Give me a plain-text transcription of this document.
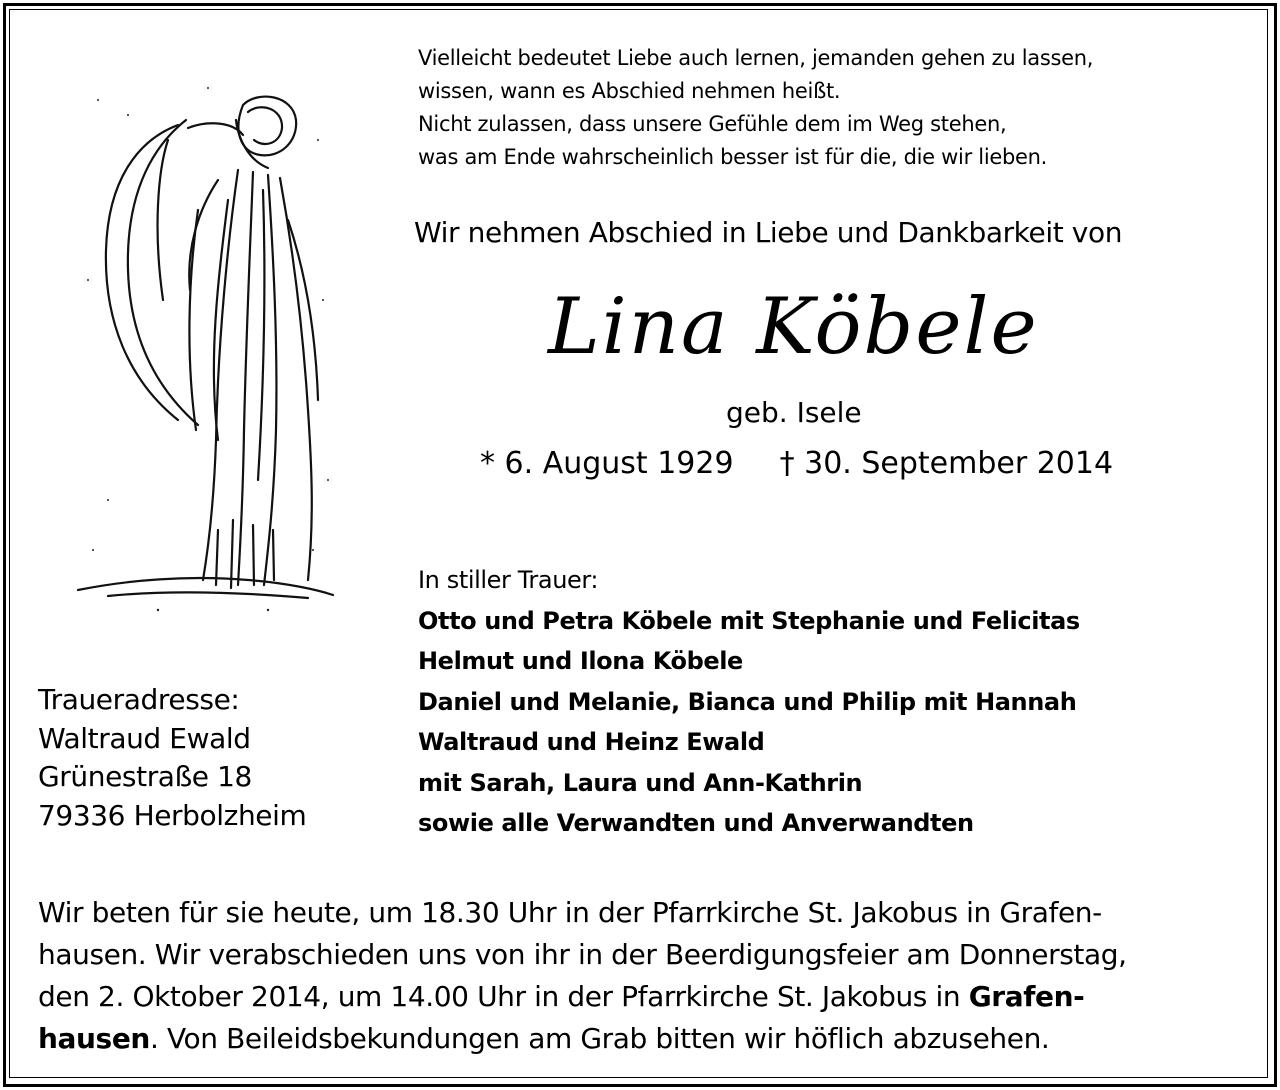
Vielleicht bedeutet Liebe auch lernen, jemanden gehen zu lassen,
wissen, wann es Abschied nehmen heißt.
Nicht zulassen, dass unsere Gefühle dem im Weg stehen,
was am Ende wahrscheinlich besser ist für die, die wir lieben.
Wir nehmen Abschied in Liebe und Dankbarkeit von
Lina Köbele
geb. Isele
* 6. August 1929 † 30. September 2014
In stiller Trauer:
Otto und Petra Köbele mit Stephanie und Felicitas
Helmut und Ilona Köbele
Daniel und Melanie, Bianca und Philip mit Hannah
Waltraud und Heinz Ewald
mit Sarah, Laura und Ann-Kathrin
sowie alle Verwandten und Anverwandten
Traueradresse:
Waltraud Ewald
Grünestraße 18
79336 Herbolzheim
Wir beten für sie heute, um 18.30 Uhr in der Pfarrkirche St. Jakobus in Grafen-
hausen. Wir verabschieden uns von ihr in der Beerdigungsfeier am Donnerstag,
den 2. Oktober 2014, um 14.00 Uhr in der Pfarrkirche St. Jakobus in Grafen-
hausen. Von Beileidsbekundungen am Grab bitten wir höflich abzusehen.
